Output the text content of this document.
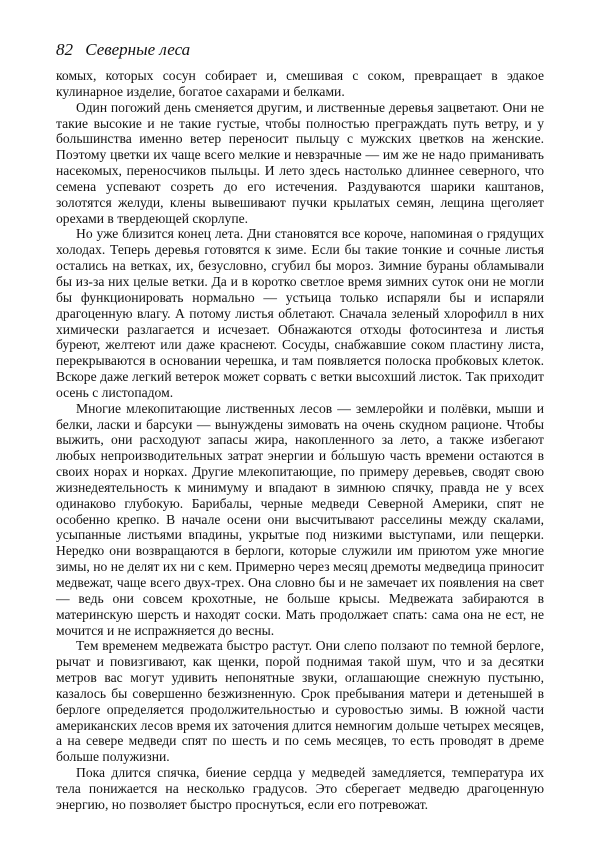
82 Северные леса

комых, которых сосун собирает и, смешивая с соком, превращает в эдакое кулинарное изделие, богатое сахарами и белками.

Один погожий день сменяется другим, и лиственные деревья зацветают. Они не такие высокие и не такие густые, чтобы полностью преграждать путь ветру, и у большинства именно ветер переносит пыльцу с мужских цветков на женские. Поэтому цветки их чаще всего мелкие и невзрачные — им же не надо приманивать насекомых, переносчиков пыльцы. И лето здесь настолько длиннее северного, что семена успевают созреть до его истечения. Раздуваются шарики каштанов, золотятся желуди, клены вывешивают пучки крылатых семян, лещина щеголяет орехами в твердеющей скорлупе.

Но уже близится конец лета. Дни становятся все короче, напоминая о грядущих холодах. Теперь деревья готовятся к зиме. Если бы такие тонкие и сочные листья остались на ветках, их, безусловно, сгубил бы мороз. Зимние бураны обламывали бы из-за них целые ветки. Да и в коротко светлое время зимних суток они не могли бы функционировать нормально — устьица только испаряли бы и испаряли драгоценную влагу. А потому листья облетают. Сначала зеленый хлорофилл в них химически разлагается и исчезает. Обнажаются отходы фотосинтеза и листья буреют, желтеют или даже краснеют. Сосуды, снабжавшие соком пластину листа, перекрываются в основании черешка, и там появляется полоска пробковых клеток. Вскоре даже легкий ветерок может сорвать с ветки высохший листок. Так приходит осень с листопадом.

Многие млекопитающие лиственных лесов — землеройки и полёвки, мыши и белки, ласки и барсуки — вынуждены зимовать на очень скудном рационе. Чтобы выжить, они расходуют запасы жира, накопленного за лето, а также избегают любых непроизводительных затрат энергии и бо́льшую часть времени остаются в своих норах и норках. Другие млекопитающие, по примеру деревьев, сводят свою жизнедеятельность к минимуму и впадают в зимнюю спячку, правда не у всех одинаково глубокую. Барибалы, черные медведи Северной Америки, спят не особенно крепко. В начале осени они высчитывают расселины между скалами, усыпанные листьями впадины, укрытые под низкими выступами, или пещерки. Нередко они возвращаются в берлоги, которые служили им приютом уже многие зимы, но не делят их ни с кем. Примерно через месяц дремоты медведица приносит медвежат, чаще всего двух-трех. Она словно бы и не замечает их появления на свет — ведь они совсем крохотные, не больше крысы. Медвежата забираются в материнскую шерсть и находят соски. Мать продолжает спать: сама она не ест, не мочится и не испражняется до весны.

Тем временем медвежата быстро растут. Они слепо ползают по темной берлоге, рычат и повизгивают, как щенки, порой поднимая такой шум, что и за десятки метров вас могут удивить непонятные звуки, оглашающие снежную пустыню, казалось бы совершенно безжизненную. Срок пребывания матери и детенышей в берлоге определяется продолжительностью и суровостью зимы. В южной части американских лесов время их заточения длится немногим дольше четырех месяцев, а на севере медведи спят по шесть и по семь месяцев, то есть проводят в дреме больше полужизни.

Пока длится спячка, биение сердца у медведей замедляется, температура их тела понижается на несколько градусов. Это сберегает медведю драгоценную энергию, но позволяет быстро проснуться, если его потревожат.
